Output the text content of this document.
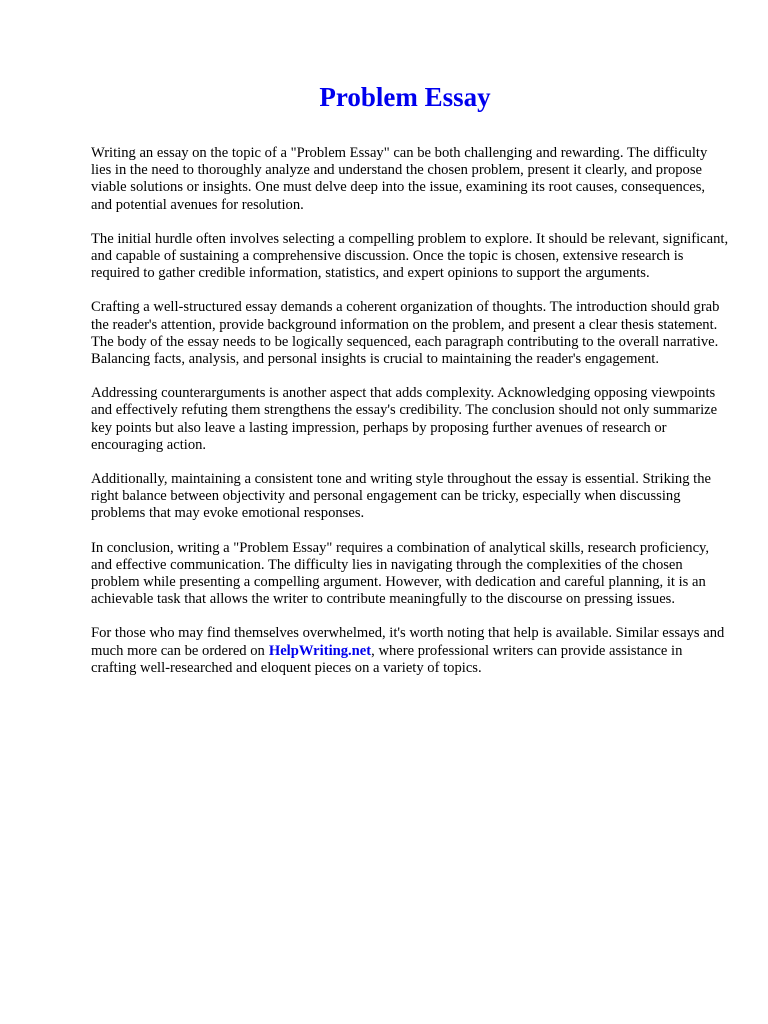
Problem Essay

Writing an essay on the topic of a "Problem Essay" can be both challenging and rewarding. The difficulty lies in the need to thoroughly analyze and understand the chosen problem, present it clearly, and propose viable solutions or insights. One must delve deep into the issue, examining its root causes, consequences, and potential avenues for resolution.

The initial hurdle often involves selecting a compelling problem to explore. It should be relevant, significant, and capable of sustaining a comprehensive discussion. Once the topic is chosen, extensive research is required to gather credible information, statistics, and expert opinions to support the arguments.

Crafting a well-structured essay demands a coherent organization of thoughts. The introduction should grab the reader's attention, provide background information on the problem, and present a clear thesis statement. The body of the essay needs to be logically sequenced, each paragraph contributing to the overall narrative. Balancing facts, analysis, and personal insights is crucial to maintaining the reader's engagement.

Addressing counterarguments is another aspect that adds complexity. Acknowledging opposing viewpoints and effectively refuting them strengthens the essay's credibility. The conclusion should not only summarize key points but also leave a lasting impression, perhaps by proposing further avenues of research or encouraging action.

Additionally, maintaining a consistent tone and writing style throughout the essay is essential. Striking the right balance between objectivity and personal engagement can be tricky, especially when discussing problems that may evoke emotional responses.

In conclusion, writing a "Problem Essay" requires a combination of analytical skills, research proficiency, and effective communication. The difficulty lies in navigating through the complexities of the chosen problem while presenting a compelling argument. However, with dedication and careful planning, it is an achievable task that allows the writer to contribute meaningfully to the discourse on pressing issues.

For those who may find themselves overwhelmed, it's worth noting that help is available. Similar essays and much more can be ordered on HelpWriting.net, where professional writers can provide assistance in crafting well-researched and eloquent pieces on a variety of topics.
